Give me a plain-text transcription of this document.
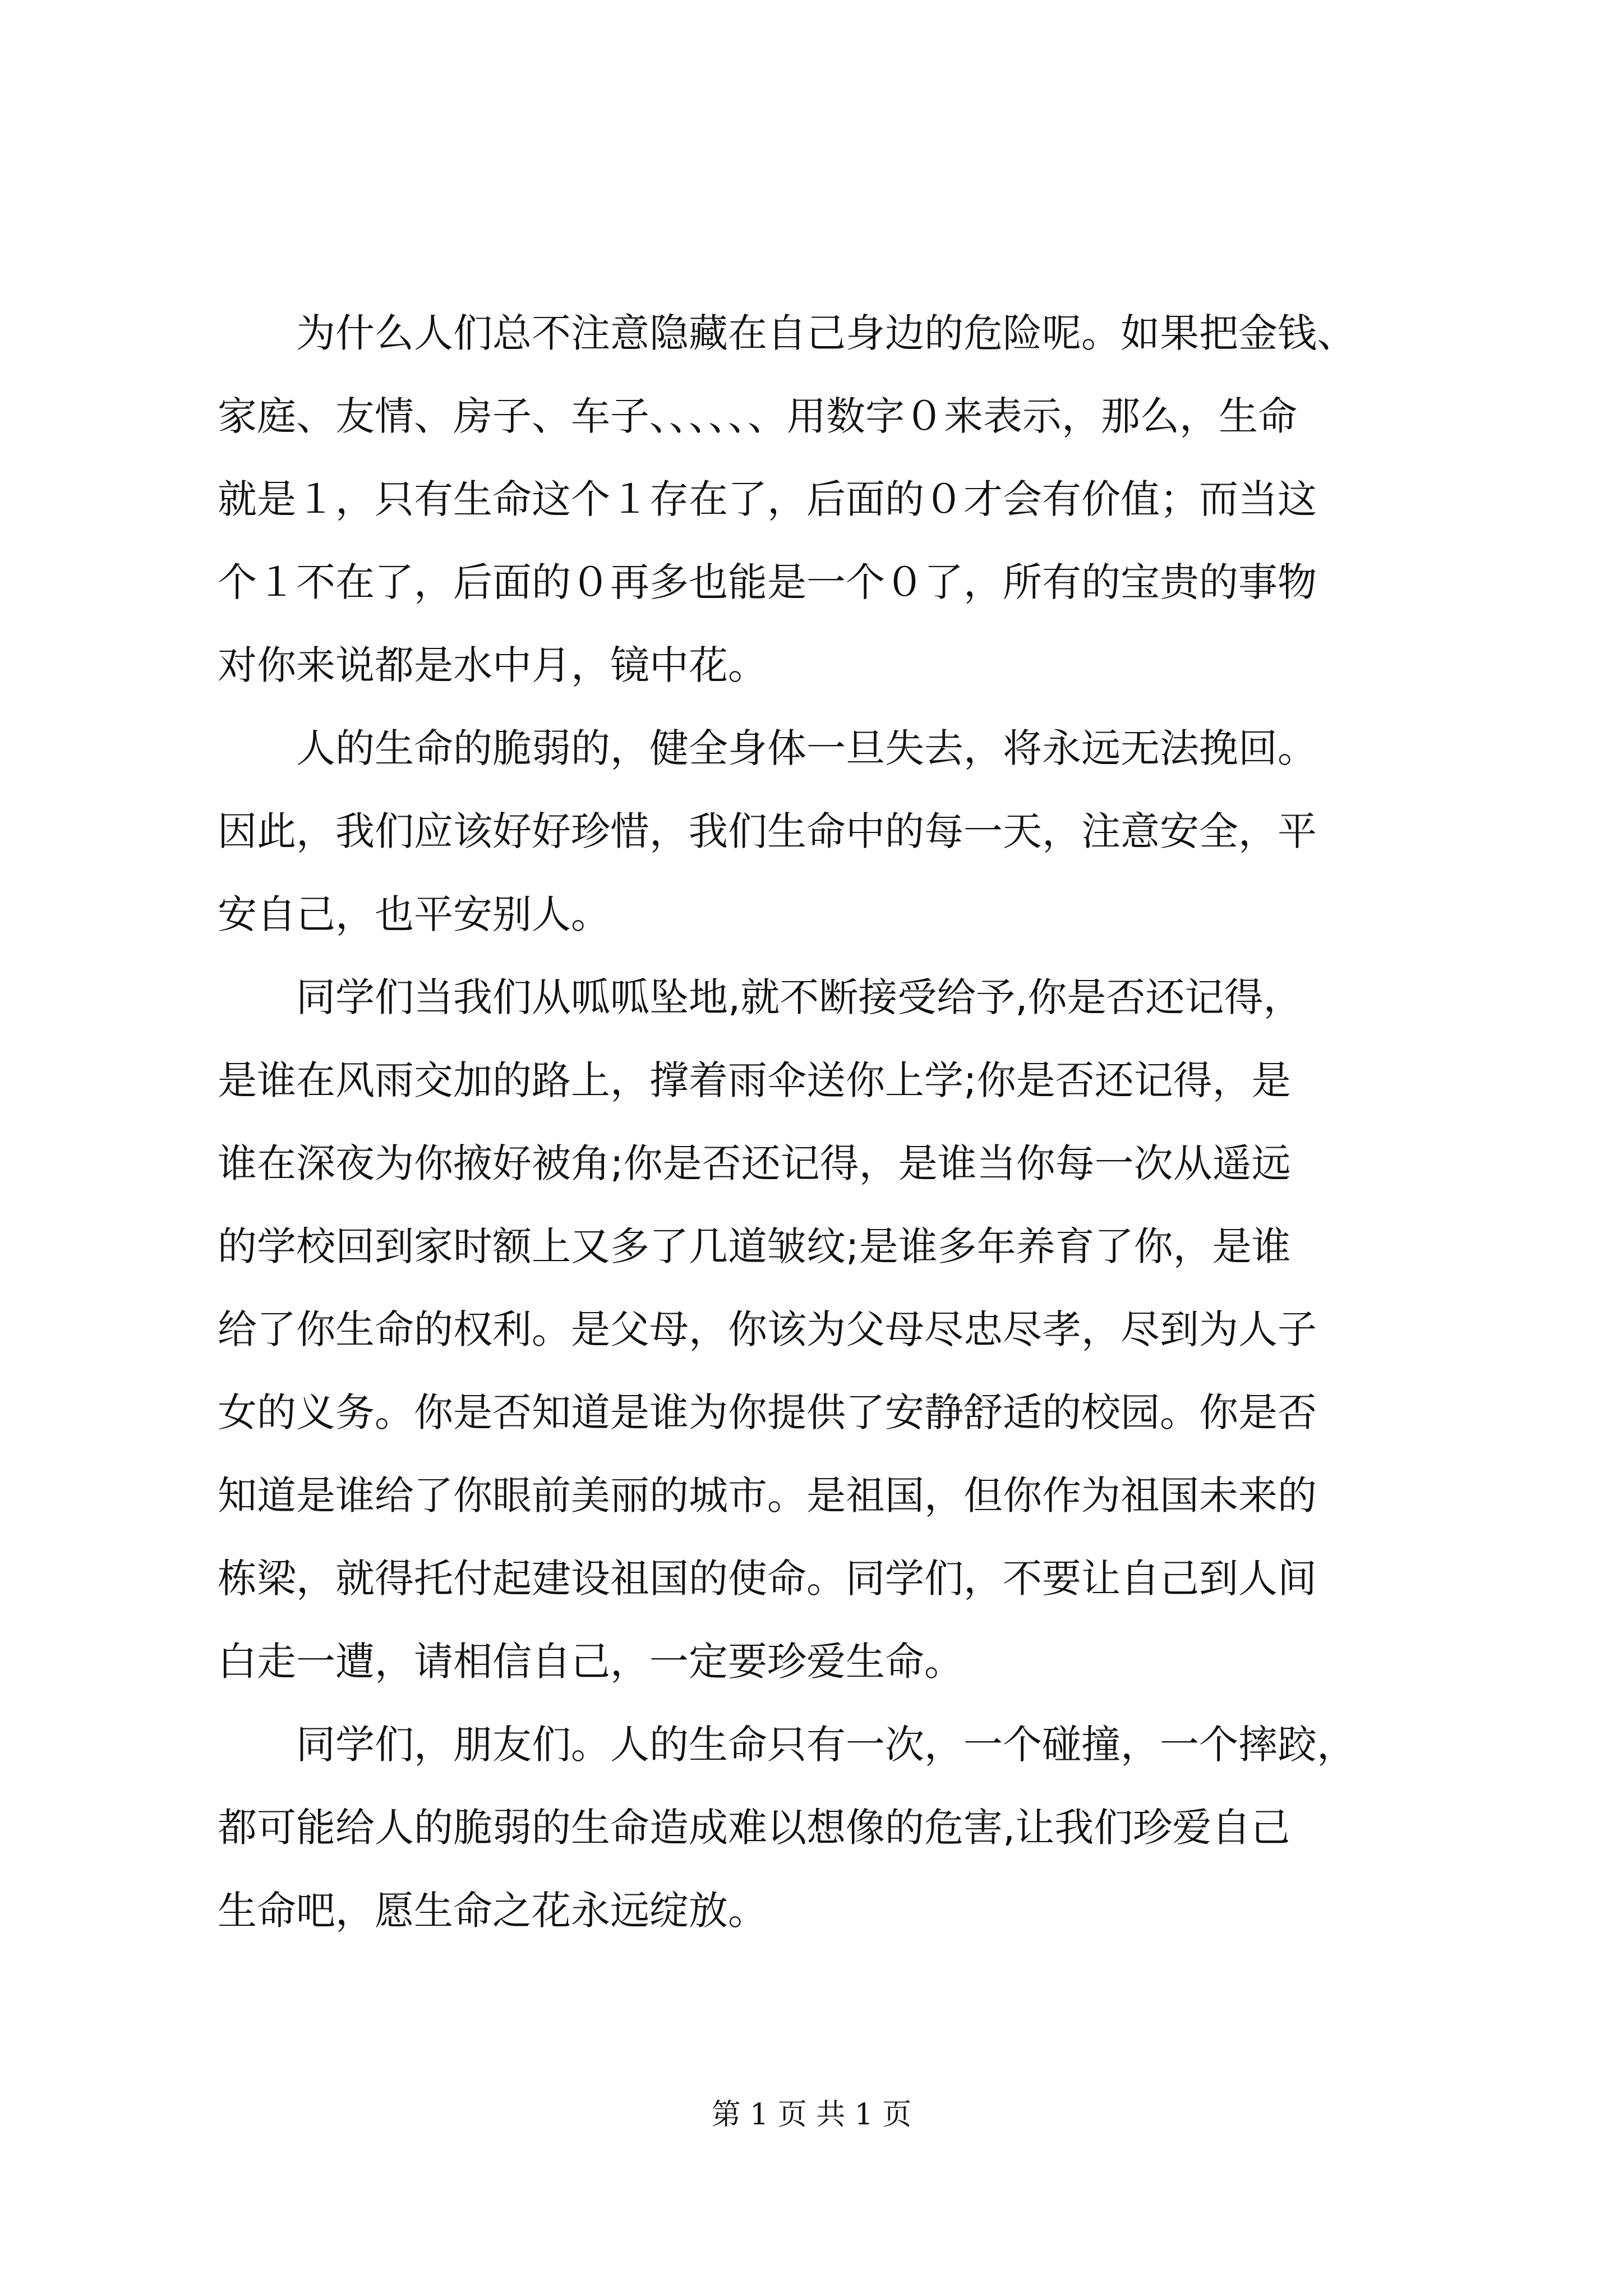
　　为什么人们总不注意隐藏在自己身边的危险呢。如果把金钱、
家庭、友情、房子、车子、、、、、、用数字０来表示，那么，生命
就是１，只有生命这个１存在了，后面的０才会有价值；而当这
个１不在了，后面的０再多也能是一个０了，所有的宝贵的事物
对你来说都是水中月，镜中花。
　　人的生命的脆弱的，健全身体一旦失去，将永远无法挽回。
因此，我们应该好好珍惜，我们生命中的每一天，注意安全，平
安自己，也平安别人。
　　同学们当我们从呱呱坠地,就不断接受给予,你是否还记得，
是谁在风雨交加的路上，撑着雨伞送你上学;你是否还记得，是
谁在深夜为你掖好被角;你是否还记得，是谁当你每一次从遥远
的学校回到家时额上又多了几道皱纹;是谁多年养育了你，是谁
给了你生命的权利。是父母，你该为父母尽忠尽孝，尽到为人子
女的义务。你是否知道是谁为你提供了安静舒适的校园。你是否
知道是谁给了你眼前美丽的城市。是祖国，但你作为祖国未来的
栋梁，就得托付起建设祖国的使命。同学们，不要让自己到人间
白走一遭，请相信自己，一定要珍爱生命。
　　同学们，朋友们。人的生命只有一次，一个碰撞，一个摔跤，
都可能给人的脆弱的生命造成难以想像的危害,让我们珍爱自己
生命吧，愿生命之花永远绽放。
第 1 页 共 1 页
